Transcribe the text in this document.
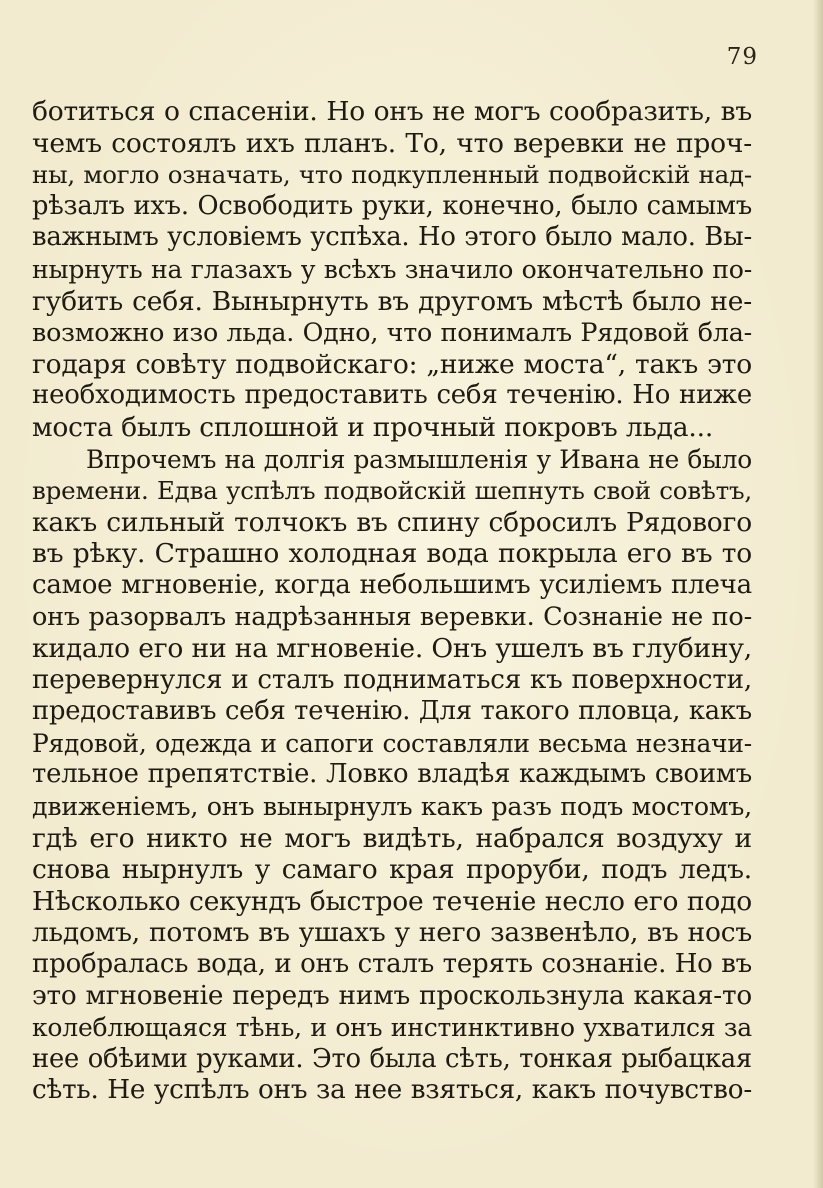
79
ботиться о спасенiи. Но онъ не могъ сообразить, въ
чемъ состоялъ ихъ планъ. То, что веревки не проч-
ны, могло означать, что подкупленный подвойскiй над-
рѣзалъ ихъ. Освободить руки, конечно, было самымъ
важнымъ условiемъ успѣха. Но этого было мало. Вы-
нырнуть на глазахъ у всѣхъ значило окончательно по-
губить себя. Вынырнуть въ другомъ мѣстѣ было не-
возможно изо льда. Одно, что понималъ Рядовой бла-
годаря совѣту подвойскаго: „ниже моста“, такъ это
необходимость предоставить себя теченiю. Но ниже
моста былъ сплошной и прочный покровъ льда...
Впрочемъ на долгiя размышленiя у Ивана не было
времени. Едва успѣлъ подвойскiй шепнуть свой совѣтъ,
какъ сильный толчокъ въ спину сбросилъ Рядового
въ рѣку. Страшно холодная вода покрыла его въ то
самое мгновенiе, когда небольшимъ усилiемъ плеча
онъ разорвалъ надрѣзанныя веревки. Сознанiе не по-
кидало его ни на мгновенiе. Онъ ушелъ въ глубину,
перевернулся и сталъ подниматься къ поверхности,
предоставивъ себя теченiю. Для такого пловца, какъ
Рядовой, одежда и сапоги составляли весьма незначи-
тельное препятствiе. Ловко владѣя каждымъ своимъ
движенiемъ, онъ вынырнулъ какъ разъ подъ мостомъ,
гдѣ его никто не могъ видѣть, набрался воздуху и
снова нырнулъ у самаго края проруби, подъ ледъ.
Нѣсколько секундъ быстрое теченiе несло его подо
льдомъ, потомъ въ ушахъ у него зазвенѣло, въ носъ
пробралась вода, и онъ сталъ терять сознанiе. Но въ
это мгновенiе передъ нимъ проскользнула какая-то
колеблющаяся тѣнь, и онъ инстинктивно ухватился за
нее обѣими руками. Это была сѣть, тонкая рыбацкая
сѣть. Не успѣлъ онъ за нее взяться, какъ почувство-
